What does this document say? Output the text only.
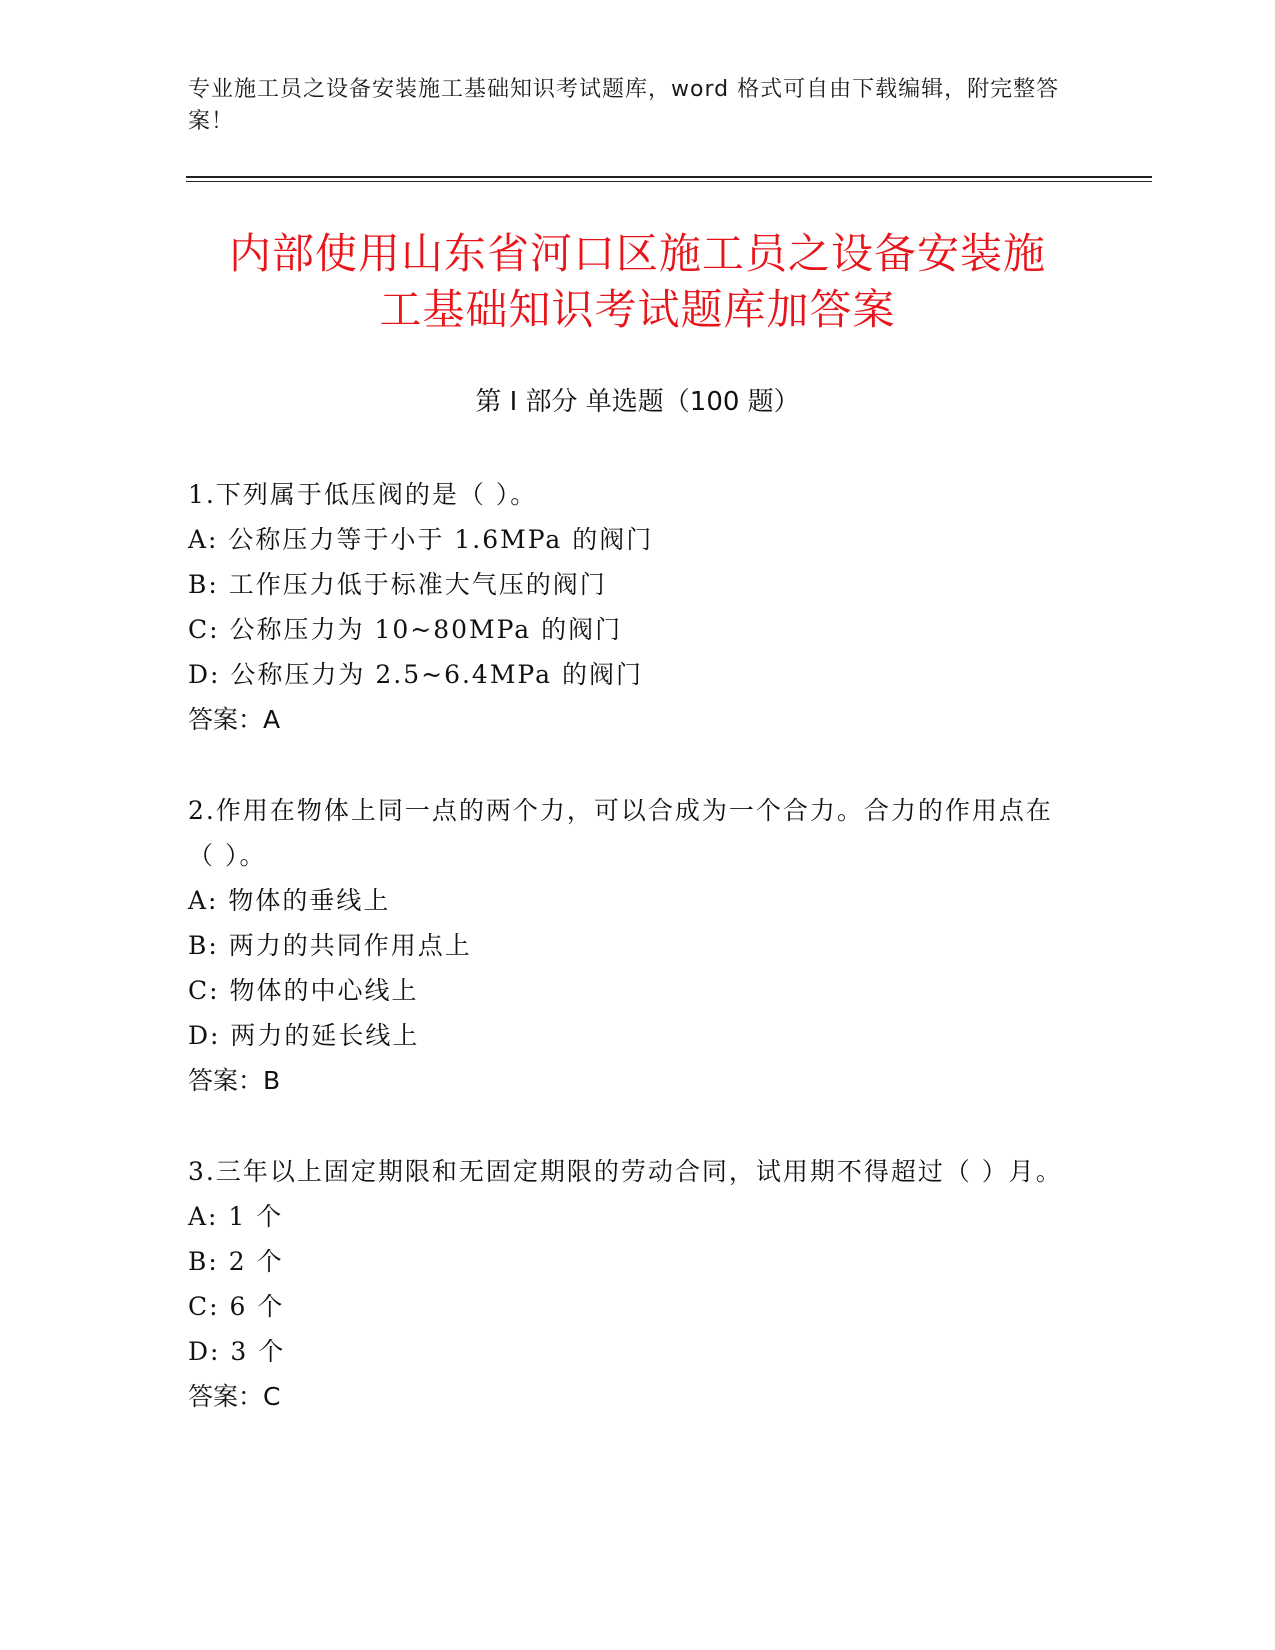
专业施工员之设备安装施工基础知识考试题库，word 格式可自由下载编辑，附完整答案！
内部使用山东省河口区施工员之设备安装施
工基础知识考试题库加答案
第 I 部分 单选题（100 题）
1.下列属于低压阀的是（ ）。
A: 公称压力等于小于 1.6MPa 的阀门
B: 工作压力低于标准大气压的阀门
C: 公称压力为 10~80MPa 的阀门
D: 公称压力为 2.5~6.4MPa 的阀门
答案：A
2.作用在物体上同一点的两个力，可以合成为一个合力。合力的作用点在（ ）。
A: 物体的垂线上
B: 两力的共同作用点上
C: 物体的中心线上
D: 两力的延长线上
答案：B
3.三年以上固定期限和无固定期限的劳动合同，试用期不得超过（ ）月。
A: 1 个
B: 2 个
C: 6 个
D: 3 个
答案：C
